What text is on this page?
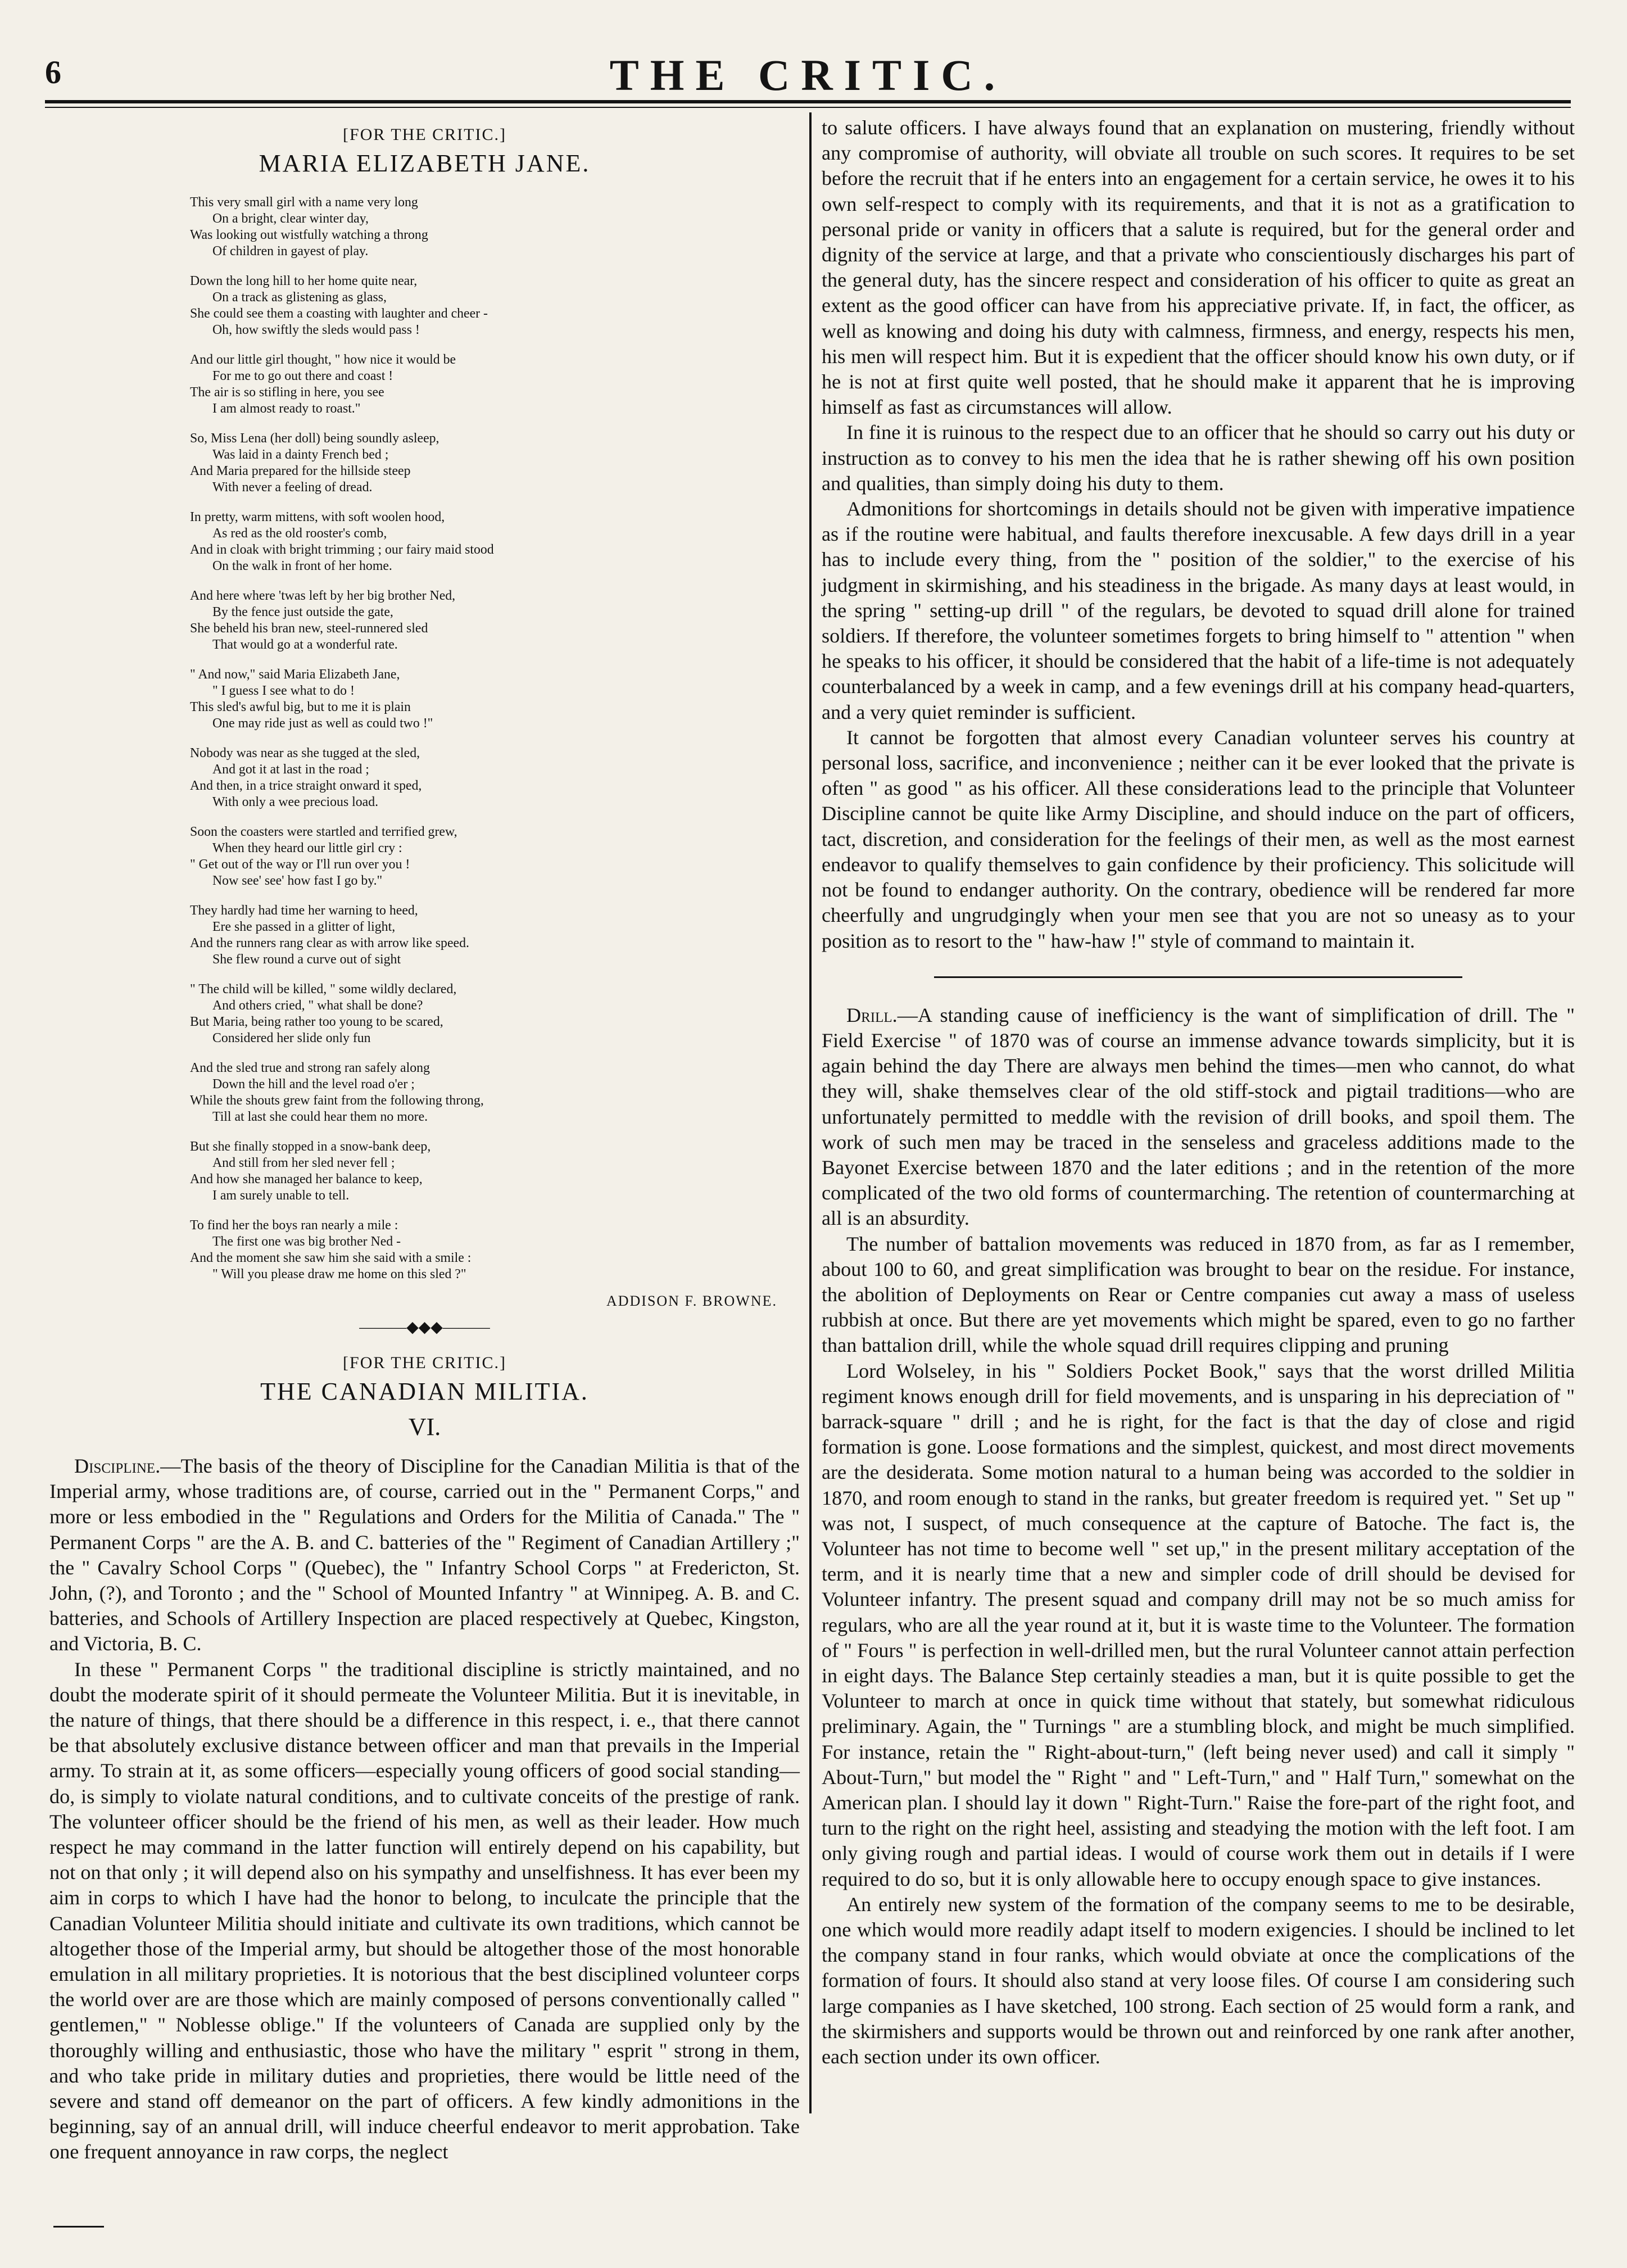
6	THE CRITIC.
[FOR THE CRITIC.]
MARIA ELIZABETH JANE.
This very small girl with a name very long
On a bright, clear winter day,
Was looking out wistfully watching a throng
Of children in gayest of play.
Down the long hill to her home quite near,
On a track as glistening as glass,
She could see them a coasting with laughter and cheer -
Oh, how swiftly the sleds would pass !
And our little girl thought, " how nice it would be
For me to go out there and coast !
The air is so stifling in here, you see
I am almost ready to roast."
So, Miss Lena (her doll) being soundly asleep,
Was laid in a dainty French bed ;
And Maria prepared for the hillside steep
With never a feeling of dread.
In pretty, warm mittens, with soft woolen hood,
As red as the old rooster's comb,
And in cloak with bright trimming ; our fairy maid stood
On the walk in front of her home.
And here where 'twas left by her big brother Ned,
By the fence just outside the gate,
She beheld his bran new, steel-runnered sled
That would go at a wonderful rate.
" And now," said Maria Elizabeth Jane,
" I guess I see what to do !
This sled's awful big, but to me it is plain
One may ride just as well as could two !"
Nobody was near as she tugged at the sled,
And got it at last in the road ;
And then, in a trice straight onward it sped,
With only a wee precious load.
Soon the coasters were startled and terrified grew,
When they heard our little girl cry :
" Get out of the way or I'll run over you !
Now see' see' how fast I go by."
They hardly had time her warning to heed,
Ere she passed in a glitter of light,
And the runners rang clear as with arrow like speed.
She flew round a curve out of sight
" The child will be killed, " some wildly declared,
And others cried, " what shall be done?
But Maria, being rather too young to be scared,
Considered her slide only fun
And the sled true and strong ran safely along
Down the hill and the level road o'er ;
While the shouts grew faint from the following throng,
Till at last she could hear them no more.
But she finally stopped in a snow-bank deep,
And still from her sled never fell ;
And how she managed her balance to keep,
I am surely unable to tell.
To find her the boys ran nearly a mile :
The first one was big brother Ned -
And the moment she saw him she said with a smile :
" Will you please draw me home on this sled ?"
ADDISON F. BROWNE.
———◆◆◆———
[FOR THE CRITIC.]
THE CANADIAN MILITIA.
VI.

Discipline.—The basis of the theory of Discipline for the Canadian Militia is that of the Imperial army, whose traditions are, of course, carried out in the " Permanent Corps," and more or less embodied in the " Regulations and Orders for the Militia of Canada." The " Permanent Corps " are the A. B. and C. batteries of the " Regiment of Canadian Artillery ;" the " Cavalry School Corps " (Quebec), the " Infantry School Corps " at Fredericton, St. John, (?), and Toronto ; and the " School of Mounted Infantry " at Winnipeg. A. B. and C. batteries, and Schools of Artillery Inspection are placed respectively at Quebec, Kingston, and Victoria, B. C.

In these " Permanent Corps " the traditional discipline is strictly maintained, and no doubt the moderate spirit of it should permeate the Volunteer Militia. But it is inevitable, in the nature of things, that there should be a difference in this respect, i. e., that there cannot be that absolutely exclusive distance between officer and man that prevails in the Imperial army. To strain at it, as some officers—especially young officers of good social standing—do, is simply to violate natural conditions, and to cultivate conceits of the prestige of rank. The volunteer officer should be the friend of his men, as well as their leader. How much respect he may command in the latter function will entirely depend on his capability, but not on that only ; it will depend also on his sympathy and unselfishness. It has ever been my aim in corps to which I have had the honor to belong, to inculcate the principle that the Canadian Volunteer Militia should initiate and cultivate its own traditions, which cannot be altogether those of the Imperial army, but should be altogether those of the most honorable emulation in all military proprieties. It is notorious that the best disciplined volunteer corps the world over are are those which are mainly composed of persons conventionally called " gentlemen," " Noblesse oblige." If the volunteers of Canada are supplied only by the thoroughly willing and enthusiastic, those who have the military " esprit " strong in them, and who take pride in military duties and proprieties, there would be little need of the severe and stand off demeanor on the part of officers. A few kindly admonitions in the beginning, say of an annual drill, will induce cheerful endeavor to merit approbation. Take one frequent annoyance in raw corps, the neglect

to salute officers. I have always found that an explanation on mustering, friendly without any compromise of authority, will obviate all trouble on such scores. It requires to be set before the recruit that if he enters into an engagement for a certain service, he owes it to his own self-respect to comply with its requirements, and that it is not as a gratification to personal pride or vanity in officers that a salute is required, but for the general order and dignity of the service at large, and that a private who conscientiously discharges his part of the general duty, has the sincere respect and consideration of his officer to quite as great an extent as the good officer can have from his appreciative private. If, in fact, the officer, as well as knowing and doing his duty with calmness, firmness, and energy, respects his men, his men will respect him. But it is expedient that the officer should know his own duty, or if he is not at first quite well posted, that he should make it apparent that he is improving himself as fast as circumstances will allow.

In fine it is ruinous to the respect due to an officer that he should so carry out his duty or instruction as to convey to his men the idea that he is rather shewing off his own position and qualities, than simply doing his duty to them.

Admonitions for shortcomings in details should not be given with imperative impatience as if the routine were habitual, and faults therefore inexcusable. A few days drill in a year has to include every thing, from the " position of the soldier," to the exercise of his judgment in skirmishing, and his steadiness in the brigade. As many days at least would, in the spring " setting-up drill " of the regulars, be devoted to squad drill alone for trained soldiers. If therefore, the volunteer sometimes forgets to bring himself to " attention " when he speaks to his officer, it should be considered that the habit of a life-time is not adequately counterbalanced by a week in camp, and a few evenings drill at his company head-quarters, and a very quiet reminder is sufficient.

It cannot be forgotten that almost every Canadian volunteer serves his country at personal loss, sacrifice, and inconvenience ; neither can it be ever looked that the private is often " as good " as his officer. All these considerations lead to the principle that Volunteer Discipline cannot be quite like Army Discipline, and should induce on the part of officers, tact, discretion, and consideration for the feelings of their men, as well as the most earnest endeavor to qualify themselves to gain confidence by their proficiency. This solicitude will not be found to endanger authority. On the contrary, obedience will be rendered far more cheerfully and ungrudgingly when your men see that you are not so uneasy as to your position as to resort to the " haw-haw !" style of command to maintain it.

Drill.—A standing cause of inefficiency is the want of simplification of drill. The " Field Exercise " of 1870 was of course an immense advance towards simplicity, but it is again behind the day There are always men behind the times—men who cannot, do what they will, shake themselves clear of the old stiff-stock and pigtail traditions—who are unfortunately permitted to meddle with the revision of drill books, and spoil them. The work of such men may be traced in the senseless and graceless additions made to the Bayonet Exercise between 1870 and the later editions ; and in the retention of the more complicated of the two old forms of countermarching. The retention of countermarching at all is an absurdity.

The number of battalion movements was reduced in 1870 from, as far as I remember, about 100 to 60, and great simplification was brought to bear on the residue. For instance, the abolition of Deployments on Rear or Centre companies cut away a mass of useless rubbish at once. But there are yet movements which might be spared, even to go no farther than battalion drill, while the whole squad drill requires clipping and pruning

Lord Wolseley, in his " Soldiers Pocket Book," says that the worst drilled Militia regiment knows enough drill for field movements, and is unsparing in his depreciation of " barrack-square " drill ; and he is right, for the fact is that the day of close and rigid formation is gone. Loose formations and the simplest, quickest, and most direct movements are the desiderata. Some motion natural to a human being was accorded to the soldier in 1870, and room enough to stand in the ranks, but greater freedom is required yet. " Set up " was not, I suspect, of much consequence at the capture of Batoche. The fact is, the Volunteer has not time to become well " set up," in the present military acceptation of the term, and it is nearly time that a new and simpler code of drill should be devised for Volunteer infantry. The present squad and company drill may not be so much amiss for regulars, who are all the year round at it, but it is waste time to the Volunteer. The formation of " Fours " is perfection in well-drilled men, but the rural Volunteer cannot attain perfection in eight days. The Balance Step certainly steadies a man, but it is quite possible to get the Volunteer to march at once in quick time without that stately, but somewhat ridiculous preliminary. Again, the " Turnings " are a stumbling block, and might be much simplified. For instance, retain the " Right-about-turn," (left being never used) and call it simply " About-Turn," but model the " Right " and " Left-Turn," and " Half Turn," somewhat on the American plan. I should lay it down " Right-Turn." Raise the fore-part of the right foot, and turn to the right on the right heel, assisting and steadying the motion with the left foot. I am only giving rough and partial ideas. I would of course work them out in details if I were required to do so, but it is only allowable here to occupy enough space to give instances.

An entirely new system of the formation of the company seems to me to be desirable, one which would more readily adapt itself to modern exigencies. I should be inclined to let the company stand in four ranks, which would obviate at once the complications of the formation of fours. It should also stand at very loose files. Of course I am considering such large companies as I have sketched, 100 strong. Each section of 25 would form a rank, and the skirmishers and supports would be thrown out and reinforced by one rank after another, each section under its own officer.
